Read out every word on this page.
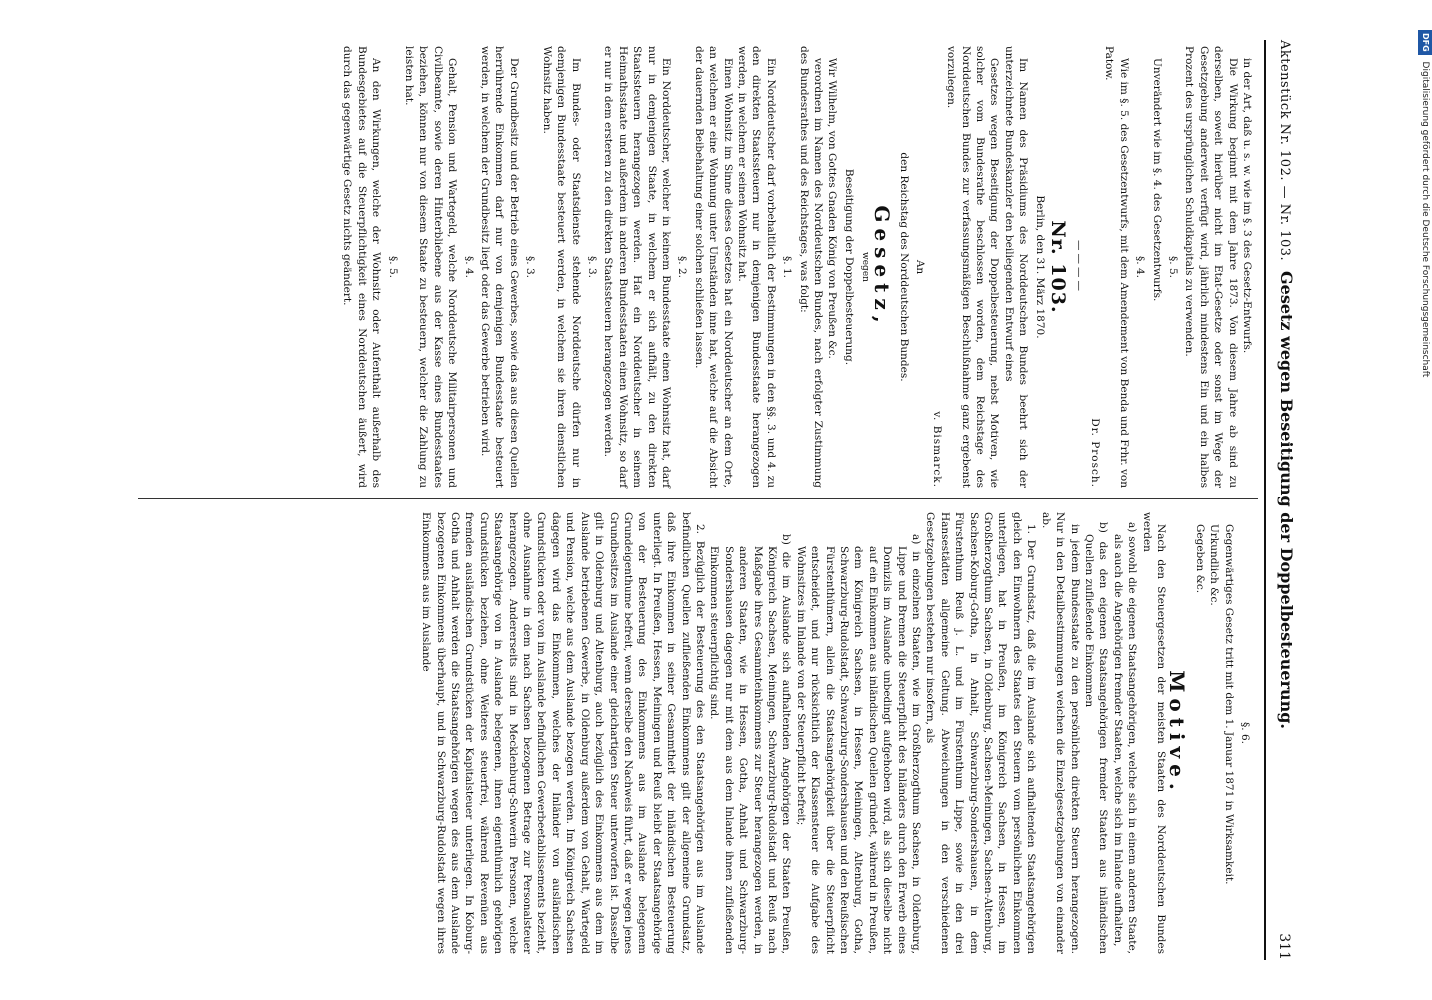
Aktenstück Nr. 102. — Nr. 103.
Gesetz wegen Beseitigung der Doppelbesteuerung.
311

in der Art, daß u. s. w. wie im §. 3 des Gesetz-Entwurfs.

Die Wirkung beginnt mit dem Jahre 1873. Von diesem Jahre ab sind zu derselben, soweit hierüber nicht im Etat-Gesetze oder sonst im Wege der Gesetzgebung anderweit verfügt wird, jährlich mindestens Ein und ein halbes Prozent des ursprünglichen Schuldkapitals zu verwenden.

§. 5.

Unverändert wie im §. 4. des Gesetzentwurfs.

§. 4.

Wie im §. 5. des Gesetzentwurfs, mit dem Amendement von Benda und Frhr. von Patow.

Dr. Prosch.

————

Nr. 103.

Berlin, den 31. März 1870.

Im Namen des Präsidiums des Norddeutschen Bundes beehrt sich der unterzeichnete Bundeskanzler den beiliegenden Entwurf eines

Gesetzes wegen Beseitigung der Doppelbesteuerung, nebst Motiven, wie solcher vom Bundesrathe beschlossen worden, dem Reichstage des Norddeutschen Bundes zur verfassungsmäßigen Beschlußnahme ganz ergebenst vorzulegen.

v. Bismarck.

An

den Reichstag des Norddeutschen Bundes.

Gesetz,

wegen

Beseitigung der Doppelbesteuerung.

Wir Wilhelm, von Gottes Gnaden König von Preußen &c.

verordnen im Namen des Norddeutschen Bundes, nach erfolgter Zustimmung des Bundesrathes und des Reichstages, was folgt:

§. 1.

Ein Norddeutscher darf vorbehaltlich der Bestimmungen in den §§. 3. und 4. zu den direkten Staatssteuern nur in demjenigen Bundesstaate herangezogen werden, in welchem er seinen Wohnsitz hat.

Einen Wohnsitz im Sinne dieses Gesetzes hat ein Norddeutscher an dem Orte, an welchem er eine Wohnung unter Umständen inne hat, welche auf die Absicht der dauernden Beibehaltung einer solchen schließen lassen.

§. 2.

Ein Norddeutscher, welcher in keinem Bundesstaate einen Wohnsitz hat, darf nur in demjenigen Staate, in welchem er sich aufhält, zu den direkten Staatssteuern herangezogen werden. Hat ein Norddeutscher in seinem Heimathsstaate und außerdem in anderen Bundesstaaten einen Wohnsitz, so darf er nur in dem ersteren zu den direkten Staatssteuern herangezogen werden.

§. 3.

Im Bundes- oder Staatsdienste stehende Norddeutsche dürfen nur in demjenigen Bundesstaate besteuert werden, in welchem sie ihren dienstlichen Wohnsitz haben.

§. 3.

Der Grundbesitz und der Betrieb eines Gewerbes, sowie das aus diesen Quellen herrührende Einkommen darf nur von demjenigen Bundesstaate besteuert werden, in welchem der Grundbesitz liegt oder das Gewerbe betrieben wird.

§. 4.

Gehalt, Pension und Wartegeld, welche Norddeutsche Militairpersonen und Civilbeamte, sowie deren Hinterbliebene aus der Kasse eines Bundesstaates beziehen, können nur von diesem Staate zu besteuern, welcher die Zahlung zu leisten hat.

§. 5.

An den Wirkungen, welche der Wohnsitz oder Aufenthalt außerhalb des Bundesgebietes auf die Steuerpflichtigkeit eines Norddeutschen äußert, wird durch das gegenwärtige Gesetz nichts geändert.

§. 6.

Gegenwärtiges Gesetz tritt mit dem 1. Januar 1871 in Wirksamkeit.

Urkundlich &c.

Gegeben &c.

Motive.

Nach den Steuergesetzen der meisten Staaten des Norddeutschen Bundes werden

a) sowohl die eigenen Staatsangehörigen, welche sich in einem anderen Staate, als auch die Angehörigen fremder Staaten, welche sich im Inlande aufhalten,

b) das den eigenen Staatsangehörigen fremder Staaten aus inländischen Quellen zufließende Einkommen

in jedem Bundesstaate zu den persönlichen direkten Steuern herangezogen. Nur in den Detailbestimmungen weichen die Einzelgesetzgebungen von einander ab.

1. Der Grundsatz, daß die im Auslande sich aufhaltenden Staatsangehörigen gleich den Einwohnern des Staates den Steuern vom persönlichen Einkommen unterliegen, hat in Preußen, im Königreich Sachsen, in Hessen, im Großherzogthum Sachsen, in Oldenburg, Sachsen-Meiningen, Sachsen-Altenburg, Sachsen-Koburg-Gotha, in Anhalt, Schwarzburg-Sondershausen, in dem Fürstenthum Reuß j. L. und im Fürstenthum Lippe, sowie in den drei Hansestädten allgemeine Geltung. Abweichungen in den verschiedenen Gesetzgebungen bestehen nur insofern, als

a) in einzelnen Staaten, wie im Großherzogthum Sachsen, in Oldenburg, Lippe und Bremen die Steuerpflicht des Inländers durch den Erwerb eines Domizils im Auslande unbedingt aufgehoben wird, als sich dieselbe nicht auf ein Einkommen aus inländischen Quellen gründet, während in Preußen, dem Königreich Sachsen, in Hessen, Meiningen, Altenburg, Gotha, Schwarzburg-Rudolstadt, Schwarzburg-Sondershausen und den Reußischen Fürstenthümern, allein die Staatsangehörigkeit über die Steuerpflicht entscheidet, und nur rücksichtlich der Klassensteuer die Aufgabe des Wohnsitzes im Inlande von der Steuerpflicht befreit;

b) die im Auslande sich aufhaltenden Angehörigen der Staaten Preußen, Königreich Sachsen, Meiningen, Schwarzburg-Rudolstadt und Reuß nach Maßgabe ihres Gesammteinkommens zur Steuer herangezogen werden, in anderen Staaten, wie in Hessen, Gotha, Anhalt und Schwarzburg-Sondershausen dagegen nur mit dem aus dem Inlande ihnen zufließenden Einkommen steuerpflichtig sind.

2. Bezüglich der Besteuerung des den Staatsangehörigen aus im Auslande befindlichen Quellen zufließenden Einkommens gilt der allgemeine Grundsatz, daß ihre Einkommen in seiner Gesammtheit der inländischen Besteuerung unterliegt. In Preußen, Hessen, Meiningen und Reuß bleibt der Staatsangehörige von der Besteuerung des Einkommens aus im Auslande belegenem Grundeigenthume befreit, wenn derselbe den Nachweis führt, daß er wegen jenes Grundbesitzes im Auslande einer gleichartigen Steuer unterworfen ist. Dasselbe gilt in Oldenburg und Altenburg, auch bezüglich des Einkommens aus dem im Auslande betriebenen Gewerbe, in Oldenburg außerdem von Gehalt, Wartegeld und Pension, welche aus dem Auslande bezogen werden. Im Königreich Sachsen dagegen wird das Einkommen, welches der Inländer von ausländischen Grundstücken oder von im Auslande befindlichen Gewerbeetablissements bezieht, ohne Ausnahme in dem nach Sachsen bezogenen Betrage zur Personalsteuer herangezogen. Andererseits sind in Mecklenburg-Schwerin Personen, welche Staatsangehörige von in Auslande belegenen, ihnen eigenthümlich gehörigen Grundstücken beziehen, ohne Weiteres steuerfrei, während Revenüen aus fremden ausländischen Grundstücken der Kapitalsteuer unterliegen. In Koburg-Gotha und Anhalt werden die Staatsangehörigen wegen des aus dem Auslande bezogenen Einkommens überhaupt, und in Schwarzburg-Rudolstadt wegen ihres Einkommens aus im Auslande

DFG Digitalisierung gefördert durch die Deutsche Forschungsgemeinschaft
